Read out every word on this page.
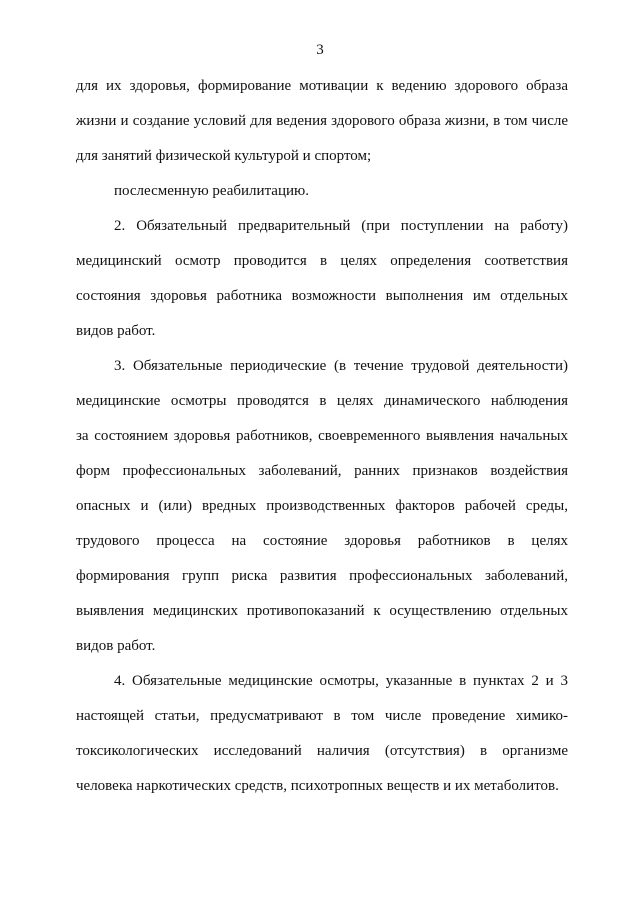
3
для их здоровья, формирование мотивации к ведению здорового образа
жизни и создание условий для ведения здорового образа жизни, в том числе
для занятий физической культурой и спортом;
послесменную реабилитацию.
2. Обязательный предварительный (при поступлении на работу)
медицинский осмотр проводится в целях определения соответствия
состояния здоровья работника возможности выполнения им отдельных
видов работ.
3. Обязательные периодические (в течение трудовой деятельности)
медицинские осмотры проводятся в целях динамического наблюдения
за состоянием здоровья работников, своевременного выявления начальных
форм профессиональных заболеваний, ранних признаков воздействия
опасных и (или) вредных производственных факторов рабочей среды,
трудового процесса на состояние здоровья работников в целях
формирования групп риска развития профессиональных заболеваний,
выявления медицинских противопоказаний к осуществлению отдельных
видов работ.
4. Обязательные медицинские осмотры, указанные в пунктах 2 и 3
настоящей статьи, предусматривают в том числе проведение химико-
токсикологических исследований наличия (отсутствия) в организме
человека наркотических средств, психотропных веществ и их метаболитов.
